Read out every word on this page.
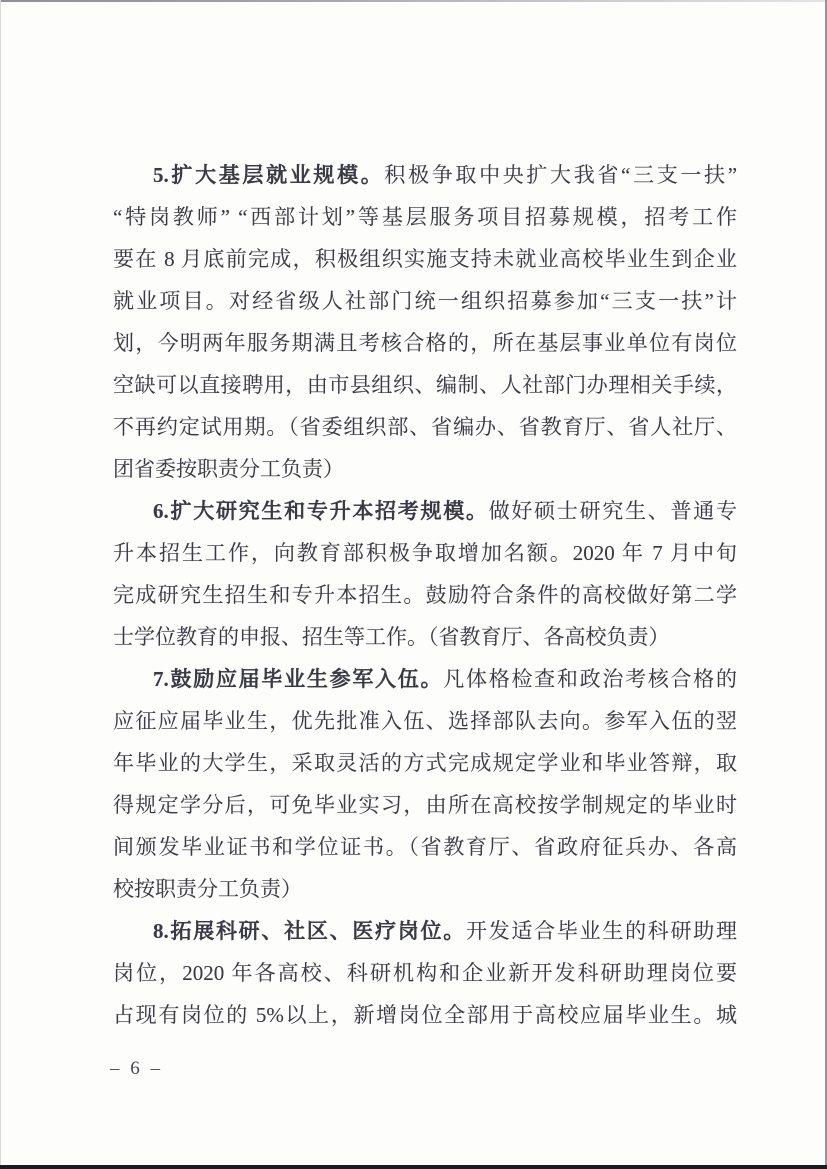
5.扩大基层就业规模。积极争取中央扩大我省“三支一扶”
“特岗教师” “西部计划”等基层服务项目招募规模，招考工作
要在 8 月底前完成，积极组织实施支持未就业高校毕业生到企业
就业项目。对经省级人社部门统一组织招募参加“三支一扶”计
划，今明两年服务期满且考核合格的，所在基层事业单位有岗位
空缺可以直接聘用，由市县组织、编制、人社部门办理相关手续，
不再约定试用期。（省委组织部、省编办、省教育厅、省人社厅、
团省委按职责分工负责）
6.扩大研究生和专升本招考规模。做好硕士研究生、普通专
升本招生工作，向教育部积极争取增加名额。2020 年 7 月中旬
完成研究生招生和专升本招生。鼓励符合条件的高校做好第二学
士学位教育的申报、招生等工作。（省教育厅、各高校负责）
7.鼓励应届毕业生参军入伍。凡体格检查和政治考核合格的
应征应届毕业生，优先批准入伍、选择部队去向。参军入伍的翌
年毕业的大学生，采取灵活的方式完成规定学业和毕业答辩，取
得规定学分后，可免毕业实习，由所在高校按学制规定的毕业时
间颁发毕业证书和学位证书。（省教育厅、省政府征兵办、各高
校按职责分工负责）
8.拓展科研、社区、医疗岗位。开发适合毕业生的科研助理
岗位，2020 年各高校、科研机构和企业新开发科研助理岗位要
占现有岗位的 5%以上，新增岗位全部用于高校应届毕业生。城
– 6 –
